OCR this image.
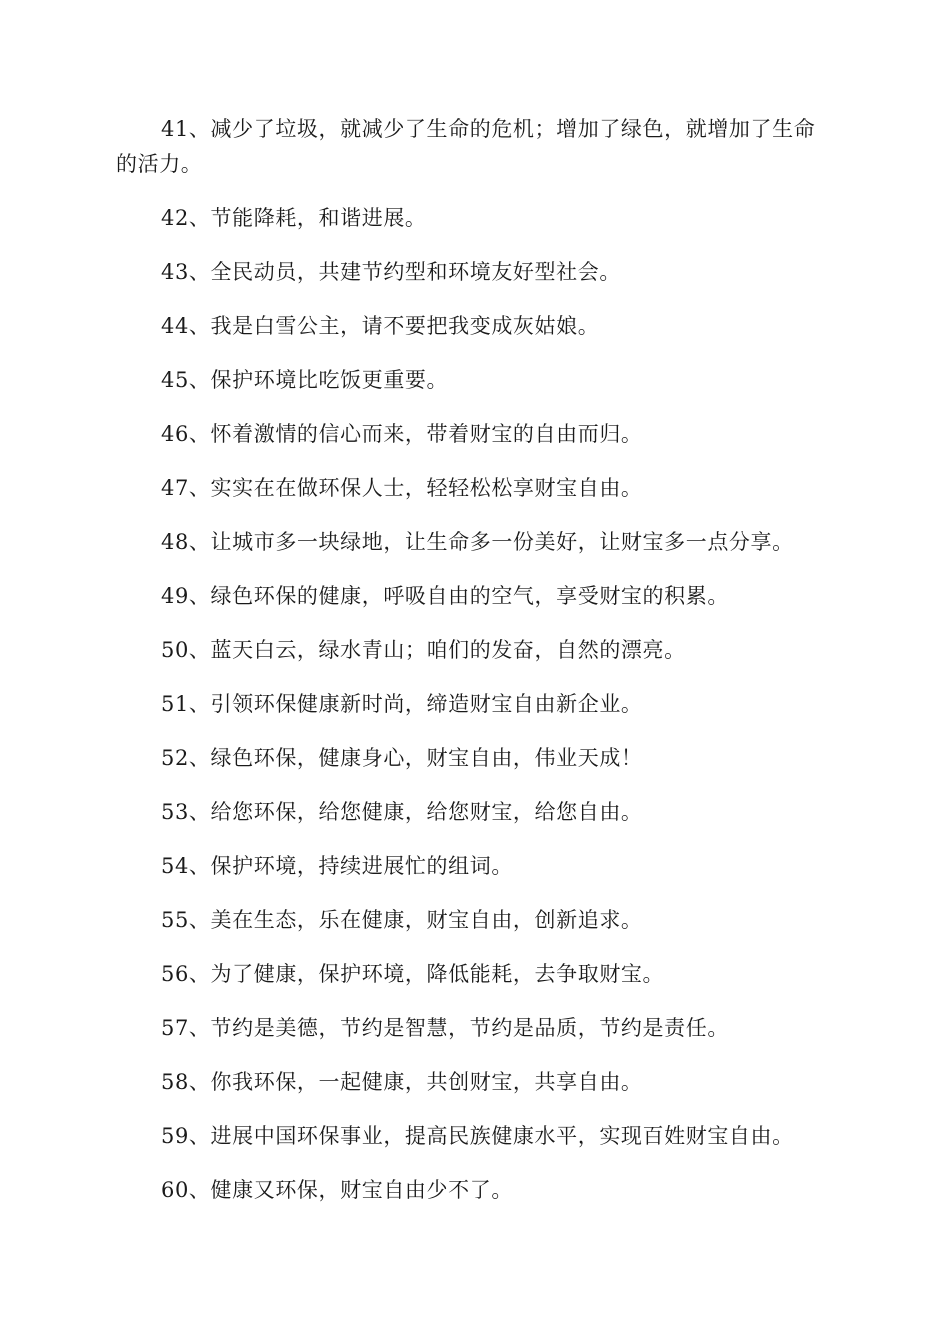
41、减少了垃圾，就减少了生命的危机；增加了绿色，就增加了生命的活力。

42、节能降耗，和谐进展。

43、全民动员，共建节约型和环境友好型社会。

44、我是白雪公主，请不要把我变成灰姑娘。

45、保护环境比吃饭更重要。

46、怀着激情的信心而来，带着财宝的自由而归。

47、实实在在做环保人士，轻轻松松享财宝自由。

48、让城市多一块绿地，让生命多一份美好，让财宝多一点分享。

49、绿色环保的健康，呼吸自由的空气，享受财宝的积累。

50、蓝天白云，绿水青山；咱们的发奋，自然的漂亮。

51、引领环保健康新时尚，缔造财宝自由新企业。

52、绿色环保，健康身心，财宝自由，伟业天成！

53、给您环保，给您健康，给您财宝，给您自由。

54、保护环境，持续进展忙的组词。

55、美在生态，乐在健康，财宝自由，创新追求。

56、为了健康，保护环境，降低能耗，去争取财宝。

57、节约是美德，节约是智慧，节约是品质，节约是责任。

58、你我环保，一起健康，共创财宝，共享自由。

59、进展中国环保事业，提高民族健康水平，实现百姓财宝自由。

60、健康又环保，财宝自由少不了。
